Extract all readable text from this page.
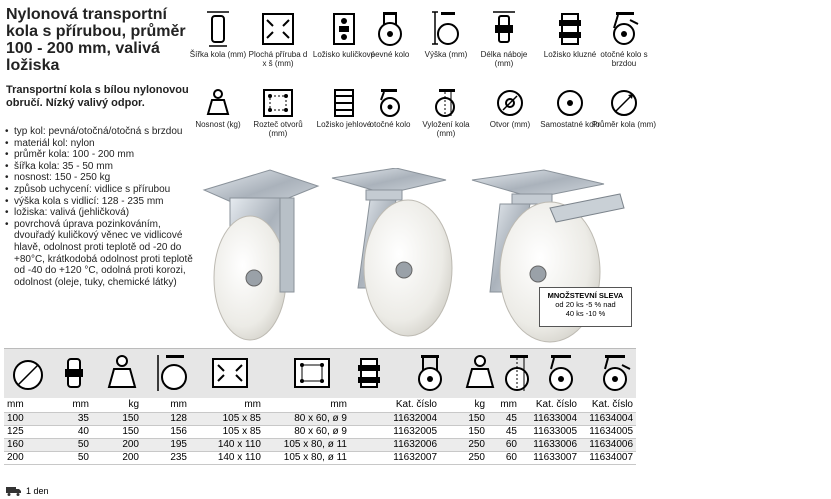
Nylonová transportní kola s přírubou, průměr 100 - 200 mm, valivá ložiska
Transportní kola s bílou nylonovou obručí. Nízký valivý odpor.
• typ kol: pevná/otočná/otočná s brzdou
• materiál kol: nylon
• průměr kola: 100 - 200 mm
• šířka kola: 35 - 50 mm
• nosnost: 150 - 250 kg
• způsob uchycení: vidlice s přírubou
• výška kola s vidlicí: 128 - 235 mm
• ložiska: valivá (jehličková)
• povrchová úprava pozinkováním, dvouřadý kuličkový věnec ve vidlicové hlavě, odolnost proti teplotě od -20 do +80°C, krátkodobá odolnost proti teplotě od -40 do +120 °C, odolná proti korozi, odolnost (oleje, tuky, chemické látky)
Šířka kola (mm) Plochá příruba d x š (mm)
Ložisko kuličkové
pevné kolo	Výška (mm)	Délka náboje (mm)
Ložisko kluzné otočné kolo s brzdou
Nosnost (kg)	Rozteč otvorů (mm)
Ložisko jehlové
otočné kolo	Vyložení kola (mm)
Otvor (mm)	Samostatné kolo
Průměr kola (mm)
MNOŽSTEVNÍ SLEVA
od 20 ks -5 % nad
40 ks -10 %
mm	mm	kg	mm	mm	mm	Kat. číslo	kg	mm	Kat. číslo	Kat. číslo
100	35	150	128	105 x 85	80 x 60, ø 9	11632004	150	45	11633004	11634004
125	40	150	156	105 x 85	80 x 60, ø 9	11632005	150	45	11633005	11634005
160	50	200	195	140 x 110	105 x 80, ø 11	11632006	250	60	11633006	11634006
200	50	200	235	140 x 110	105 x 80, ø 11	11632007	250	60	11633007	11634007
1 den
